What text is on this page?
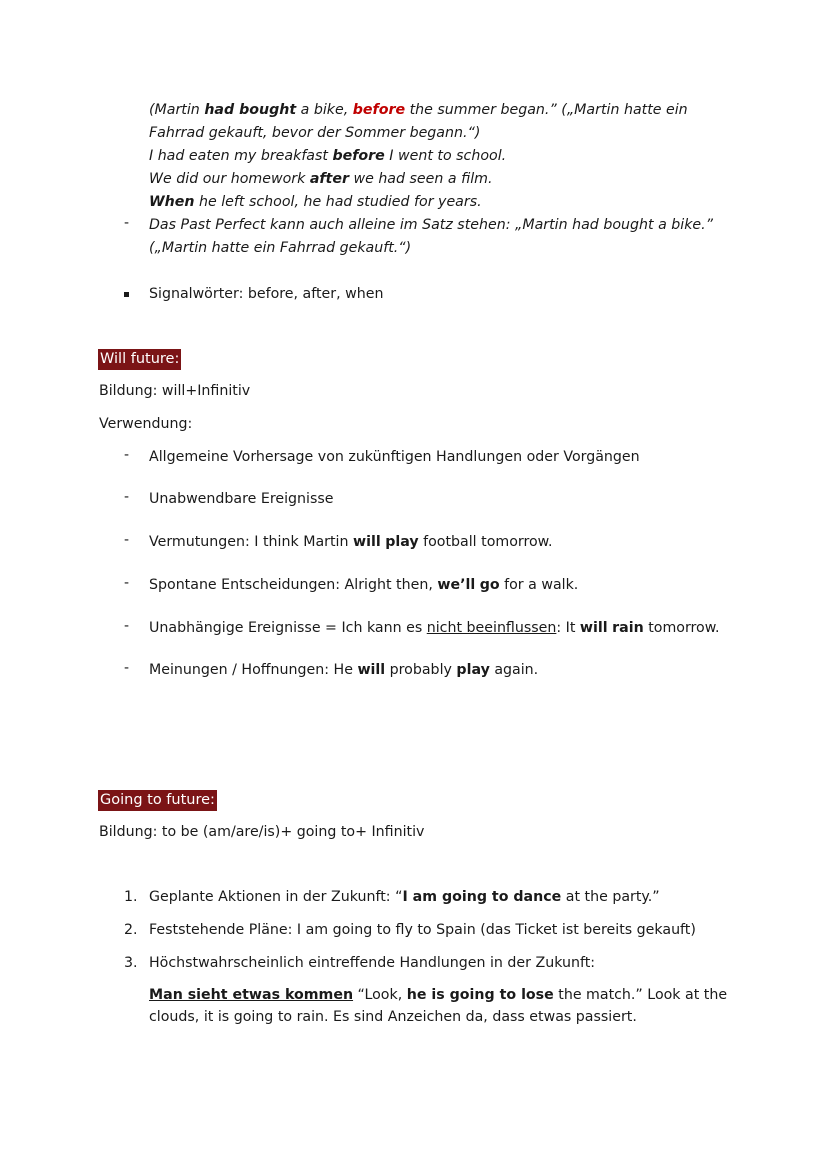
(Martin had bought a bike, before the summer began.” („Martin hatte ein
Fahrrad gekauft, bevor der Sommer begann.“)
I had eaten my breakfast before I went to school.
We did our homework after we had seen a film.
When he left school, he had studied for years.
- Das Past Perfect kann auch alleine im Satz stehen: „Martin had bought a bike.”
(„Martin hatte ein Fahrrad gekauft.“)
Signalwörter: before, after, when
Will future:
Bildung: will+Infinitiv
Verwendung:
- Allgemeine Vorhersage von zukünftigen Handlungen oder Vorgängen
- Unabwendbare Ereignisse
- Vermutungen: I think Martin will play football tomorrow.
- Spontane Entscheidungen: Alright then, we’ll go for a walk.
- Unabhängige Ereignisse = Ich kann es nicht beeinflussen: It will rain tomorrow.
- Meinungen / Hoffnungen: He will probably play again.
Going to future:
Bildung: to be (am/are/is)+ going to+ Infinitiv
1. Geplante Aktionen in der Zukunft: “I am going to dance at the party.”
2. Feststehende Pläne: I am going to fly to Spain (das Ticket ist bereits gekauft)
3. Höchstwahrscheinlich eintreffende Handlungen in der Zukunft:
Man sieht etwas kommen “Look, he is going to lose the match.” Look at the
clouds, it is going to rain. Es sind Anzeichen da, dass etwas passiert.
